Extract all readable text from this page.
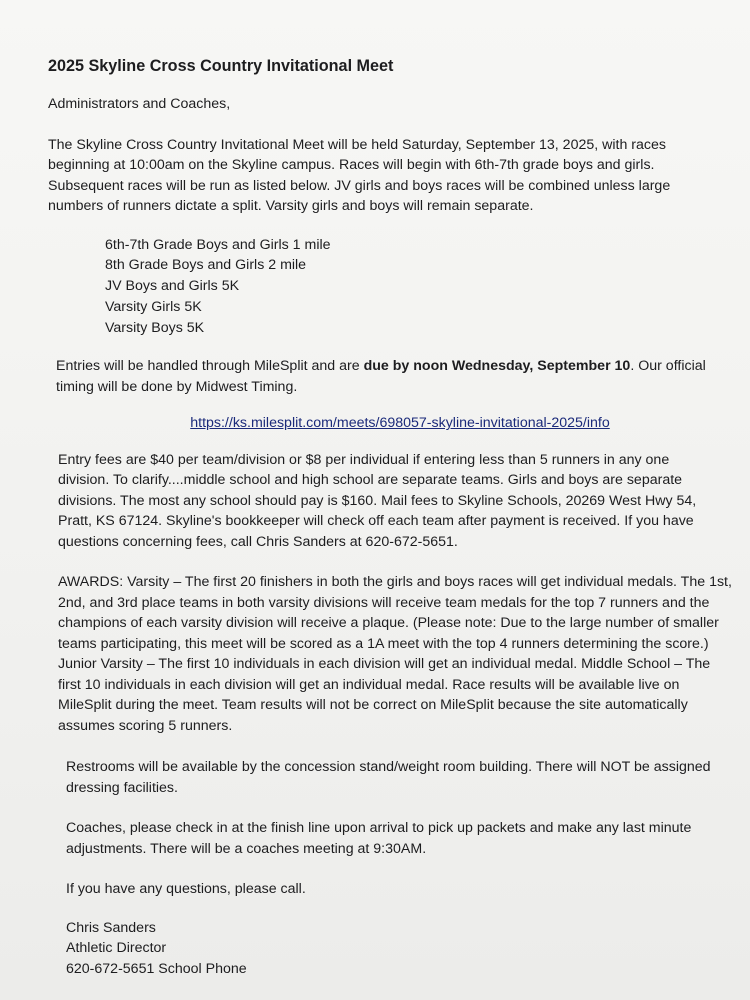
2025 Skyline Cross Country Invitational Meet

Administrators and Coaches,

The Skyline Cross Country Invitational Meet will be held Saturday, September 13, 2025, with races beginning at 10:00am on the Skyline campus. Races will begin with 6th-7th grade boys and girls. Subsequent races will be run as listed below. JV girls and boys races will be combined unless large numbers of runners dictate a split. Varsity girls and boys will remain separate.

6th-7th Grade Boys and Girls 1 mile
8th Grade Boys and Girls 2 mile
JV Boys and Girls 5K
Varsity Girls 5K
Varsity Boys 5K

Entries will be handled through MileSplit and are due by noon Wednesday, September 10. Our official timing will be done by Midwest Timing.

https://ks.milesplit.com/meets/698057-skyline-invitational-2025/info

Entry fees are $40 per team/division or $8 per individual if entering less than 5 runners in any one division. To clarify....middle school and high school are separate teams. Girls and boys are separate divisions. The most any school should pay is $160. Mail fees to Skyline Schools, 20269 West Hwy 54, Pratt, KS 67124. Skyline's bookkeeper will check off each team after payment is received. If you have questions concerning fees, call Chris Sanders at 620-672-5651.

AWARDS: Varsity – The first 20 finishers in both the girls and boys races will get individual medals. The 1st, 2nd, and 3rd place teams in both varsity divisions will receive team medals for the top 7 runners and the champions of each varsity division will receive a plaque. (Please note: Due to the large number of smaller teams participating, this meet will be scored as a 1A meet with the top 4 runners determining the score.) Junior Varsity – The first 10 individuals in each division will get an individual medal. Middle School – The first 10 individuals in each division will get an individual medal. Race results will be available live on MileSplit during the meet. Team results will not be correct on MileSplit because the site automatically assumes scoring 5 runners.

Restrooms will be available by the concession stand/weight room building. There will NOT be assigned dressing facilities.

Coaches, please check in at the finish line upon arrival to pick up packets and make any last minute adjustments. There will be a coaches meeting at 9:30AM.

If you have any questions, please call.

Chris Sanders
Athletic Director
620-672-5651 School Phone
